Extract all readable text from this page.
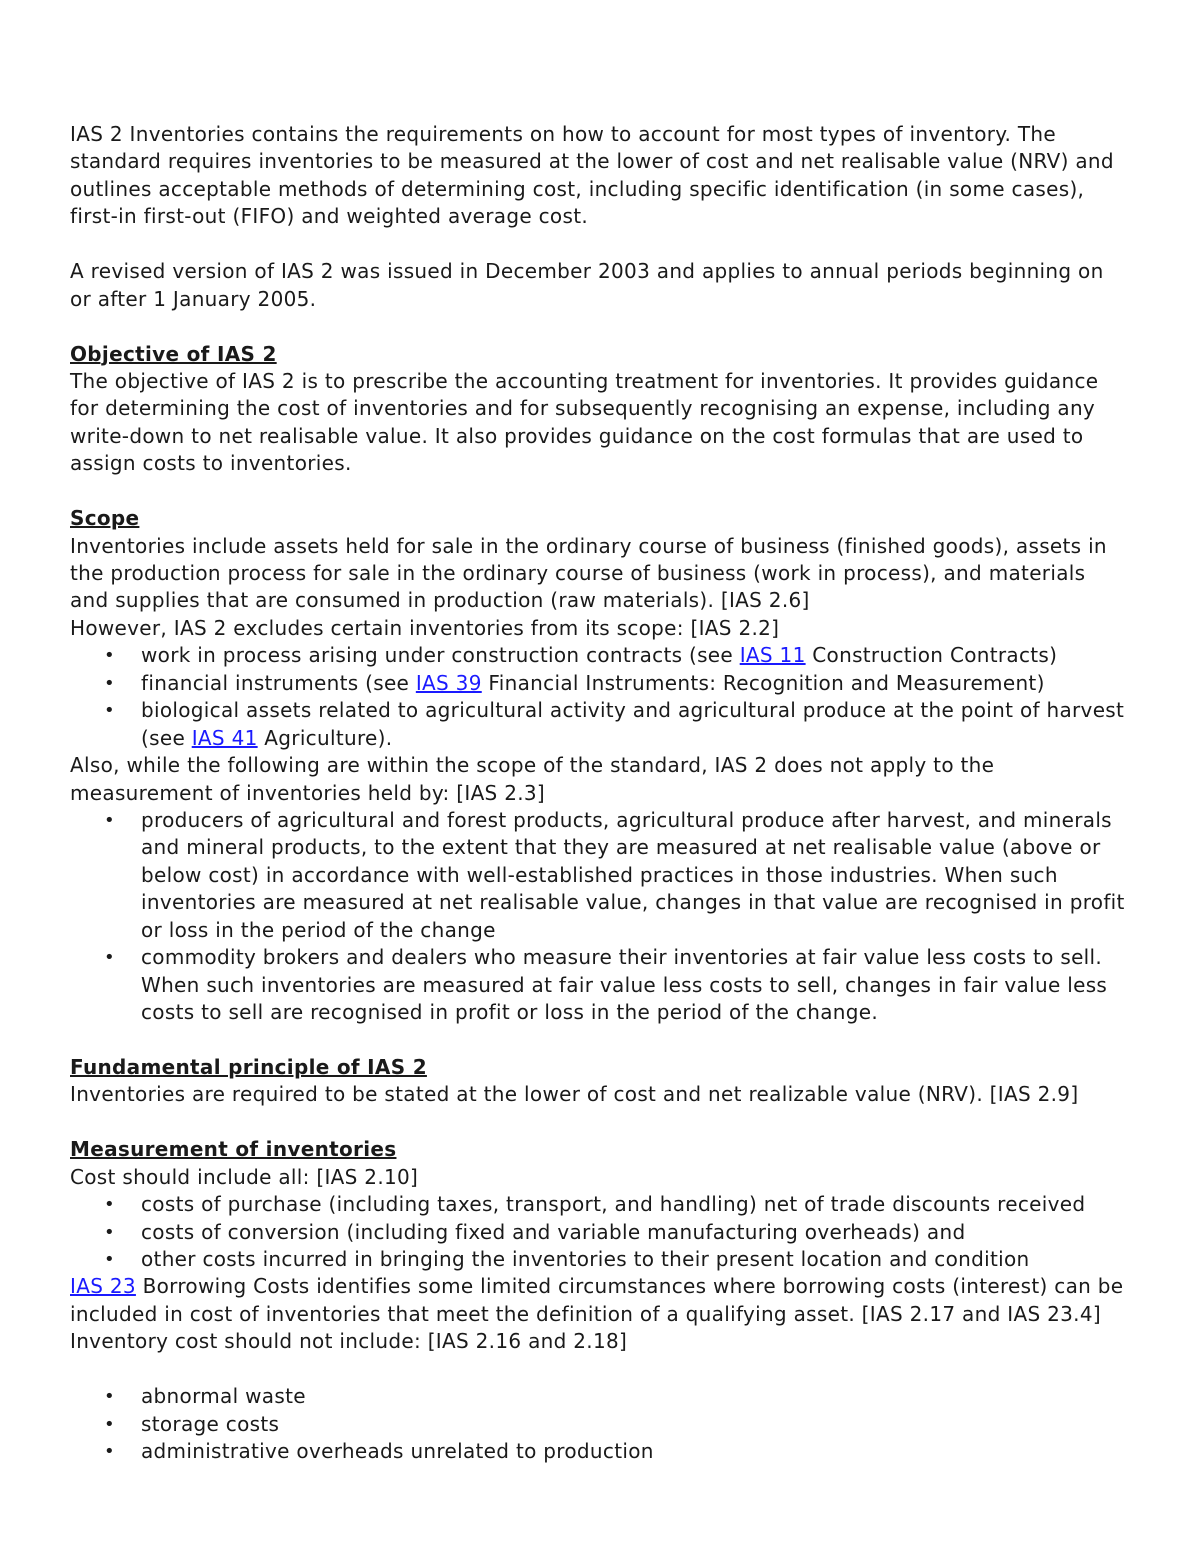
IAS 2 Inventories contains the requirements on how to account for most types of inventory. The
standard requires inventories to be measured at the lower of cost and net realisable value (NRV) and
outlines acceptable methods of determining cost, including specific identification (in some cases),
first-in first-out (FIFO) and weighted average cost.
A revised version of IAS 2 was issued in December 2003 and applies to annual periods beginning on
or after 1 January 2005.
Objective of IAS 2
The objective of IAS 2 is to prescribe the accounting treatment for inventories. It provides guidance
for determining the cost of inventories and for subsequently recognising an expense, including any
write-down to net realisable value. It also provides guidance on the cost formulas that are used to
assign costs to inventories.
Scope
Inventories include assets held for sale in the ordinary course of business (finished goods), assets in
the production process for sale in the ordinary course of business (work in process), and materials
and supplies that are consumed in production (raw materials). [IAS 2.6]
However, IAS 2 excludes certain inventories from its scope: [IAS 2.2]
• work in process arising under construction contracts (see IAS 11 Construction Contracts)
• financial instruments (see IAS 39 Financial Instruments: Recognition and Measurement)
• biological assets related to agricultural activity and agricultural produce at the point of harvest
(see IAS 41 Agriculture).
Also, while the following are within the scope of the standard, IAS 2 does not apply to the
measurement of inventories held by: [IAS 2.3]
• producers of agricultural and forest products, agricultural produce after harvest, and minerals
and mineral products, to the extent that they are measured at net realisable value (above or
below cost) in accordance with well-established practices in those industries. When such
inventories are measured at net realisable value, changes in that value are recognised in profit
or loss in the period of the change
• commodity brokers and dealers who measure their inventories at fair value less costs to sell.
When such inventories are measured at fair value less costs to sell, changes in fair value less
costs to sell are recognised in profit or loss in the period of the change.
Fundamental principle of IAS 2
Inventories are required to be stated at the lower of cost and net realizable value (NRV). [IAS 2.9]
Measurement of inventories
Cost should include all: [IAS 2.10]
• costs of purchase (including taxes, transport, and handling) net of trade discounts received
• costs of conversion (including fixed and variable manufacturing overheads) and
• other costs incurred in bringing the inventories to their present location and condition
IAS 23 Borrowing Costs identifies some limited circumstances where borrowing costs (interest) can be
included in cost of inventories that meet the definition of a qualifying asset. [IAS 2.17 and IAS 23.4]
Inventory cost should not include: [IAS 2.16 and 2.18]
• abnormal waste
• storage costs
• administrative overheads unrelated to production
